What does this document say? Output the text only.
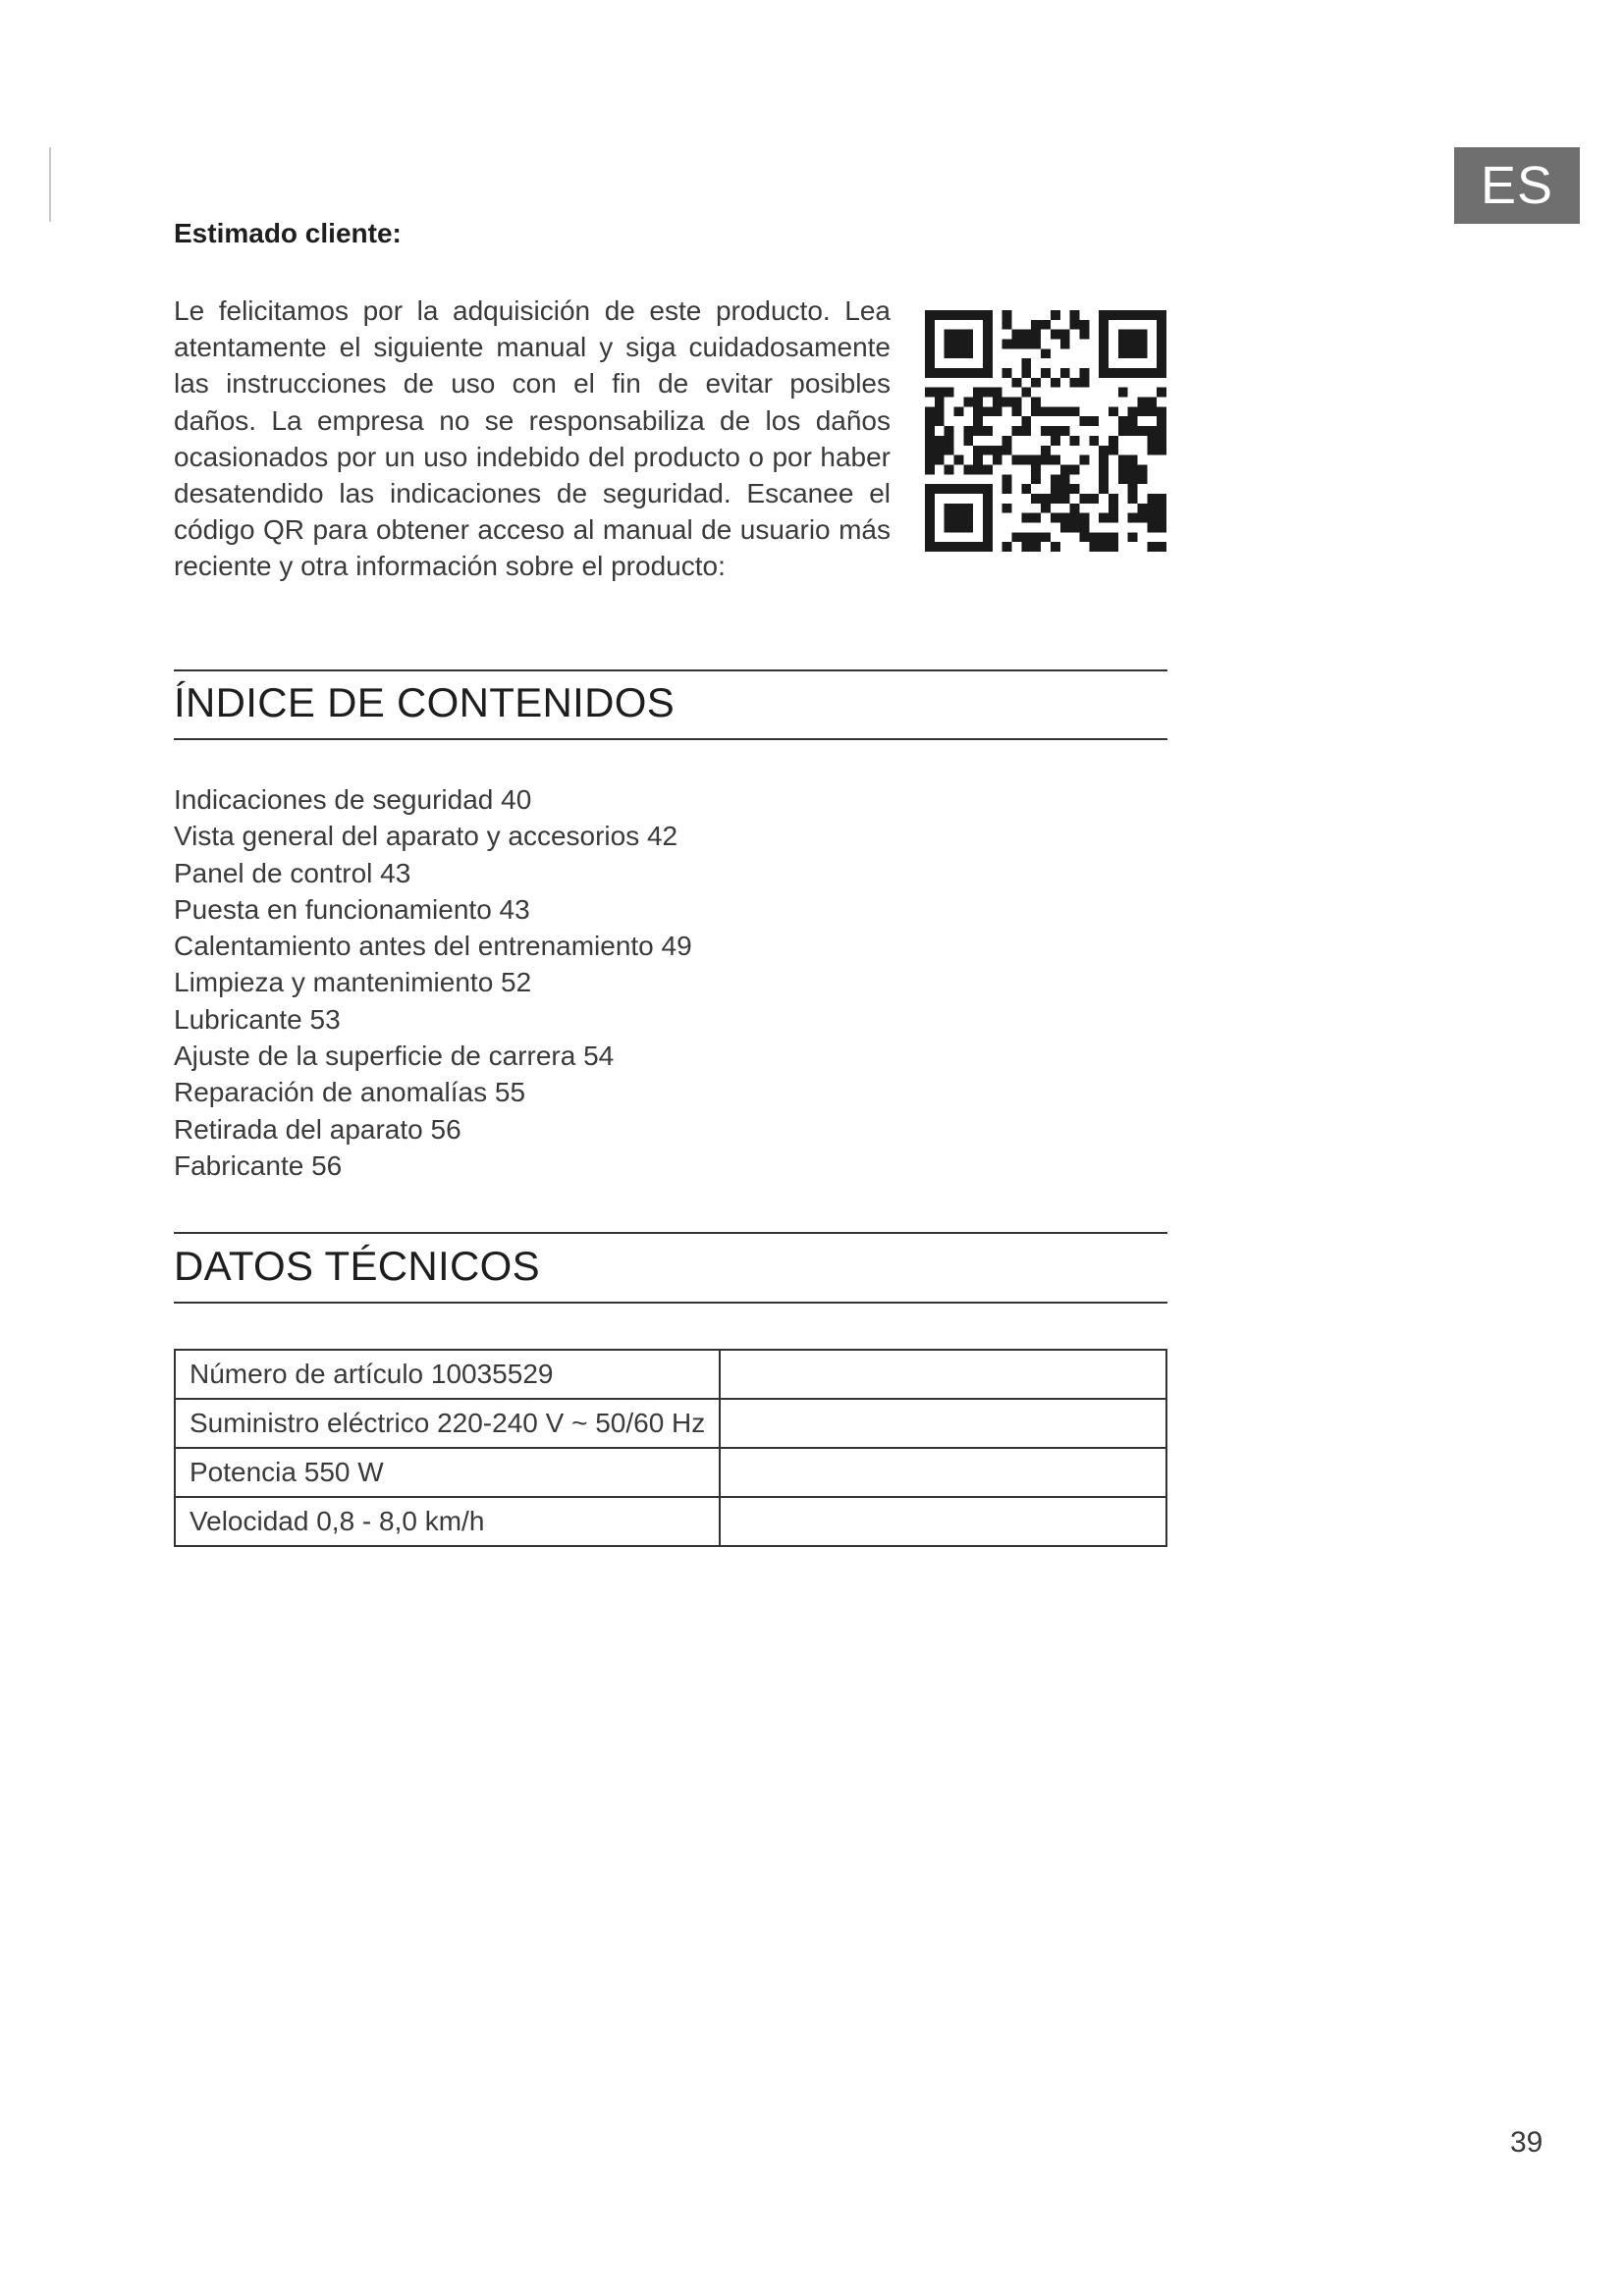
ES
Estimado cliente:

Le felicitamos por la adquisición de este producto. Lea atentamente el siguiente manual y siga cuidadosamente las instrucciones de uso con el fin de evitar posibles daños. La empresa no se responsabiliza de los daños ocasionados por un uso indebido del producto o por haber desatendido las indicaciones de seguridad. Escanee el código QR para obtener acceso al manual de usuario más reciente y otra información sobre el producto:

ÍNDICE DE CONTENIDOS
Indicaciones de seguridad 40
Vista general del aparato y accesorios 42
Panel de control 43
Puesta en funcionamiento 43
Calentamiento antes del entrenamiento 49
Limpieza y mantenimiento 52
Lubricante 53
Ajuste de la superficie de carrera 54
Reparación de anomalías 55
Retirada del aparato 56
Fabricante 56
DATOS TÉCNICOS
Número de artículo 10035529	
Suministro eléctrico 220-240 V ~ 50/60 Hz	
Potencia 550 W	
Velocidad 0,8 - 8,0 km/h	
39
